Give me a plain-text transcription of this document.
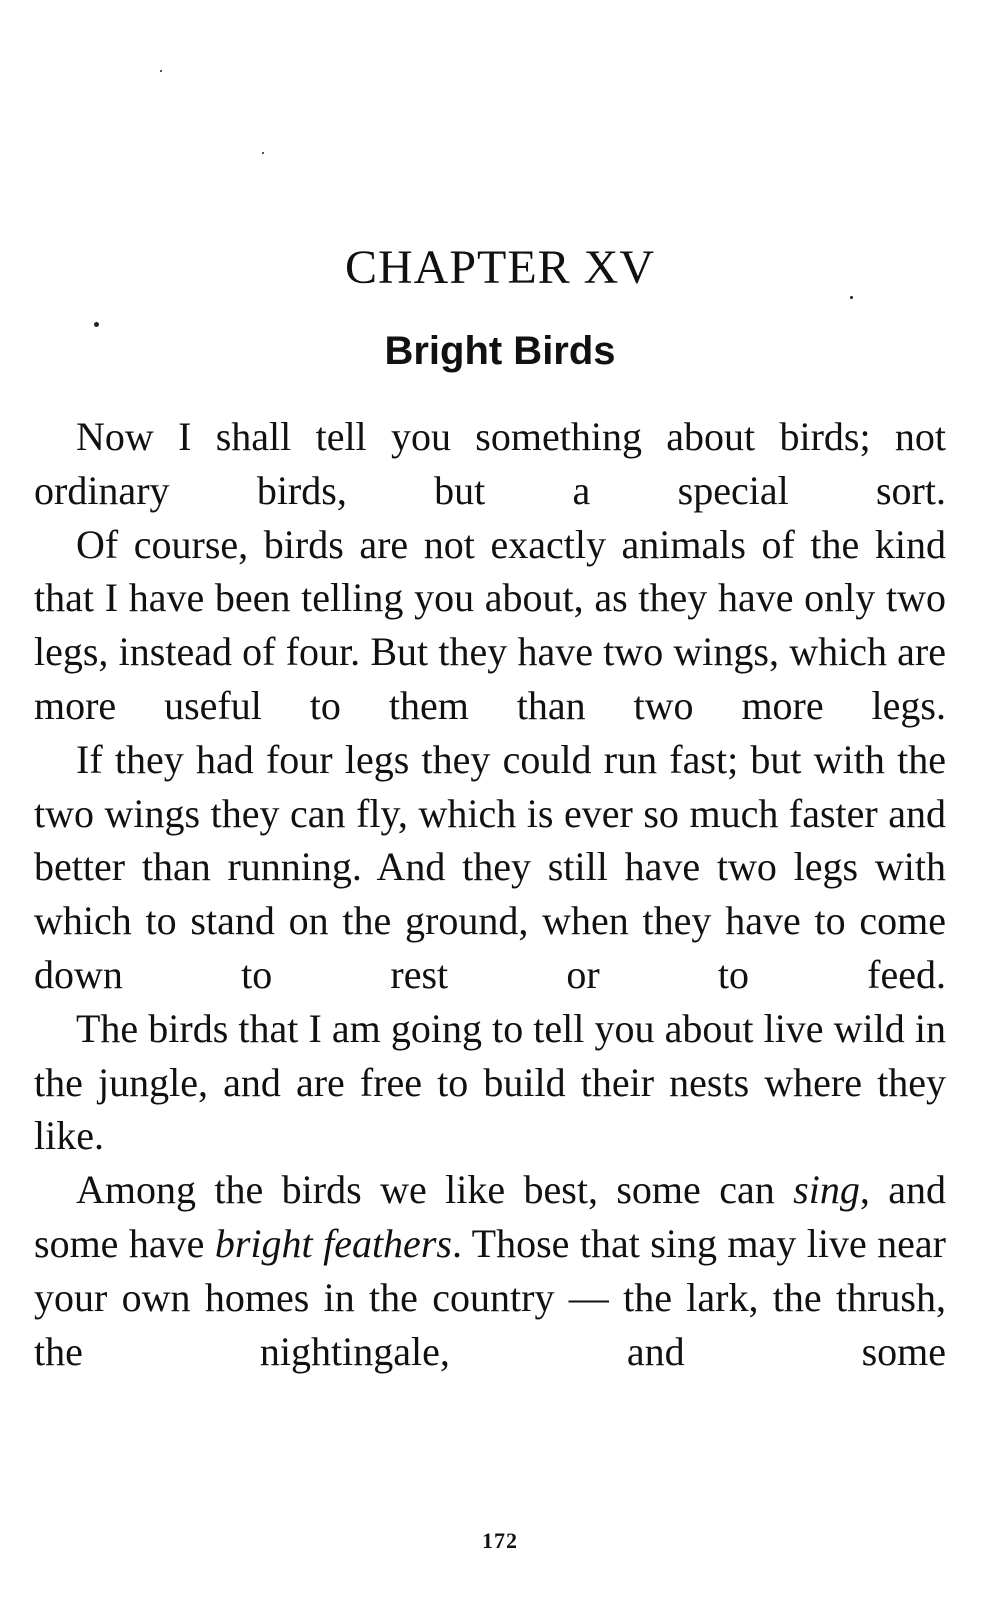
CHAPTER XV
Bright Birds

Now I shall tell you something about birds; not ordinary birds, but a special sort.

Of course, birds are not exactly animals of the kind that I have been telling you about, as they have only two legs, instead of four. But they have two wings, which are more useful to them than two more legs.

If they had four legs they could run fast; but with the two wings they can fly, which is ever so much faster and better than running. And they still have two legs with which to stand on the ground, when they have to come down to rest or to feed.

The birds that I am going to tell you about live wild in the jungle, and are free to build their nests where they like.

Among the birds we like best, some can sing, and some have bright feathers. Those that sing may live near your own homes in the country — the lark, the thrush, the nightingale, and some

172
